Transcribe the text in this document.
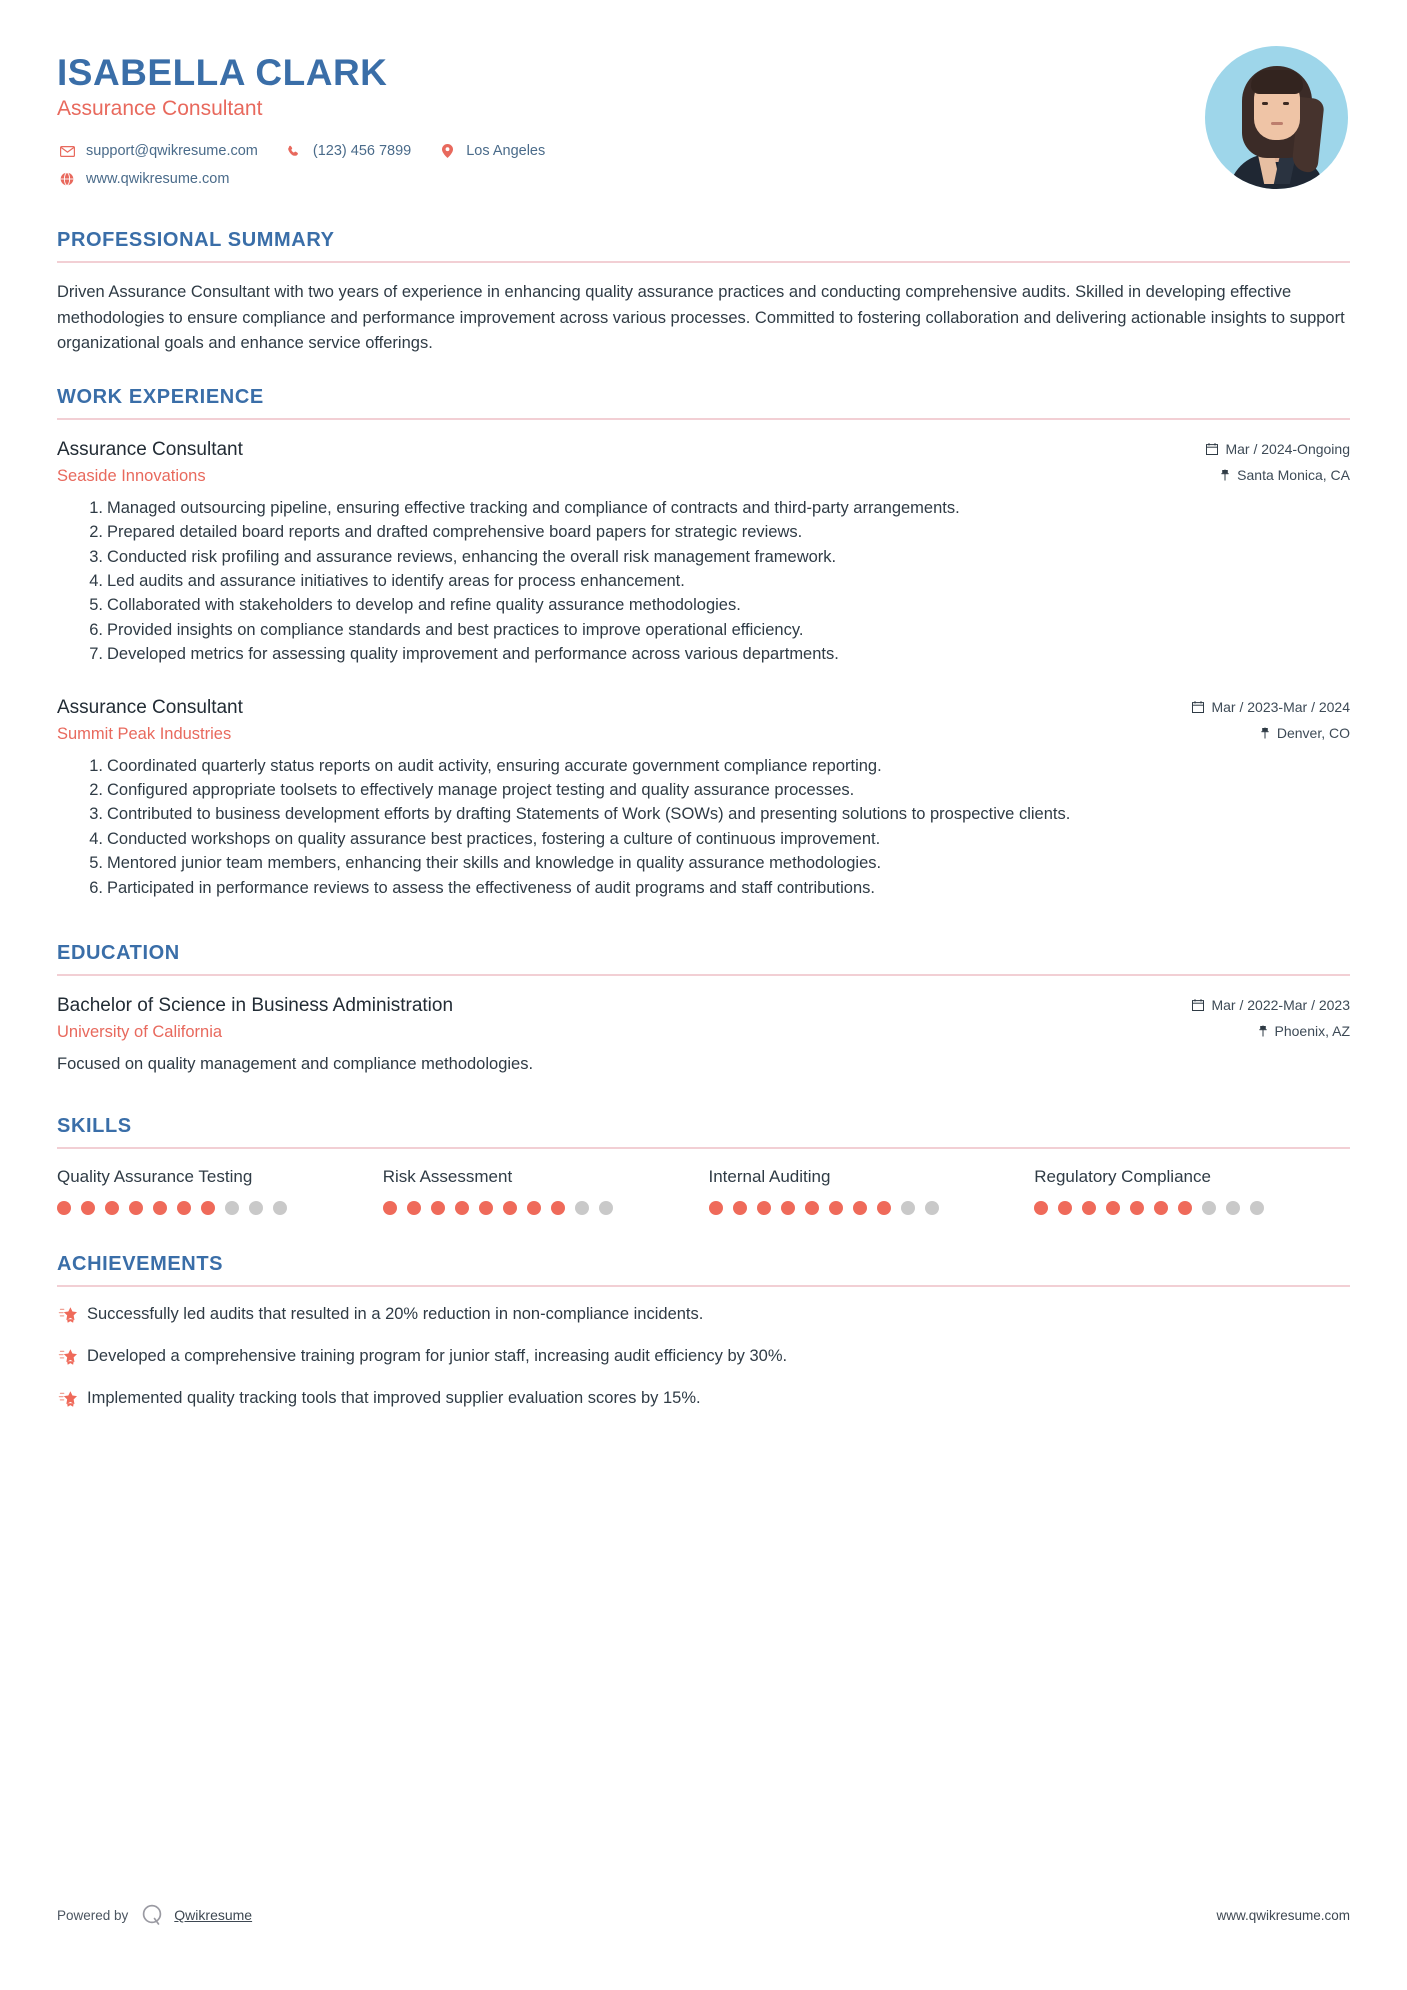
ISABELLA CLARK
Assurance Consultant
support@qwikresume.com	(123) 456 7899	Los Angeles
www.qwikresume.com
PROFESSIONAL SUMMARY
Driven Assurance Consultant with two years of experience in enhancing quality assurance practices and conducting comprehensive audits. Skilled in developing effective methodologies to ensure compliance and performance improvement across various processes. Committed to fostering collaboration and delivering actionable insights to support organizational goals and enhance service offerings.
WORK EXPERIENCE
Assurance Consultant	Mar / 2024-Ongoing
Seaside Innovations	Santa Monica, CA
Managed outsourcing pipeline, ensuring effective tracking and compliance of contracts and third-party arrangements.
Prepared detailed board reports and drafted comprehensive board papers for strategic reviews.
Conducted risk profiling and assurance reviews, enhancing the overall risk management framework.
Led audits and assurance initiatives to identify areas for process enhancement.
Collaborated with stakeholders to develop and refine quality assurance methodologies.
Provided insights on compliance standards and best practices to improve operational efficiency.
Developed metrics for assessing quality improvement and performance across various departments.
Assurance Consultant	Mar / 2023-Mar / 2024
Summit Peak Industries	Denver, CO
Coordinated quarterly status reports on audit activity, ensuring accurate government compliance reporting.
Configured appropriate toolsets to effectively manage project testing and quality assurance processes.
Contributed to business development efforts by drafting Statements of Work (SOWs) and presenting solutions to prospective clients.
Conducted workshops on quality assurance best practices, fostering a culture of continuous improvement.
Mentored junior team members, enhancing their skills and knowledge in quality assurance methodologies.
Participated in performance reviews to assess the effectiveness of audit programs and staff contributions.
EDUCATION
Bachelor of Science in Business Administration	Mar / 2022-Mar / 2023
University of California	Phoenix, AZ
Focused on quality management and compliance methodologies.
SKILLS
Quality Assurance Testing	Risk Assessment	Internal Auditing	Regulatory Compliance
ACHIEVEMENTS
Successfully led audits that resulted in a 20% reduction in non-compliance incidents.
Developed a comprehensive training program for junior staff, increasing audit efficiency by 30%.
Implemented quality tracking tools that improved supplier evaluation scores by 15%.
Powered by	Qwikresume	www.qwikresume.com
